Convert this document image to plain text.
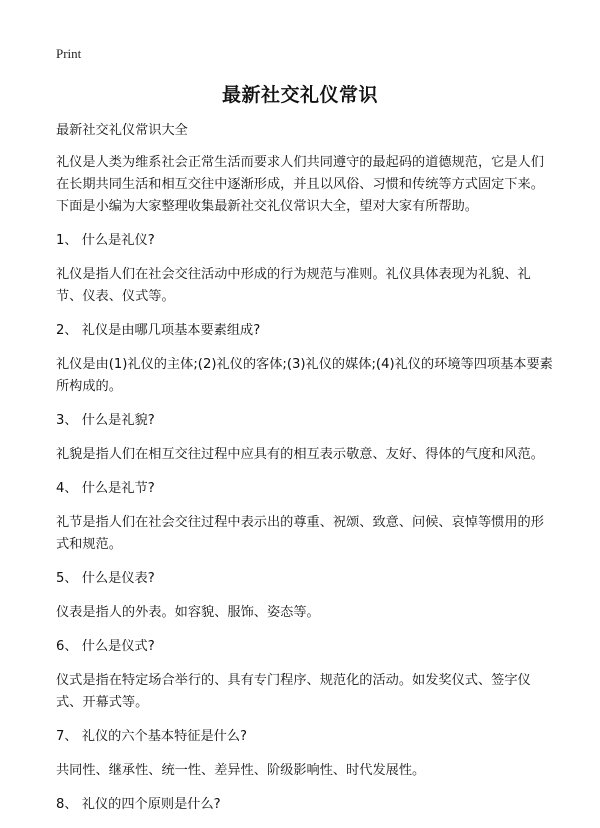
Print
最新社交礼仪常识

最新社交礼仪常识大全

礼仪是人类为维系社会正常生活而要求人们共同遵守的最起码的道德规范，它是人们在长期共同生活和相互交往中逐渐形成，并且以风俗、习惯和传统等方式固定下来。下面是小编为大家整理收集最新社交礼仪常识大全，望对大家有所帮助。

1、 什么是礼仪?

礼仪是指人们在社会交往活动中形成的行为规范与准则。礼仪具体表现为礼貌、礼节、仪表、仪式等。

2、 礼仪是由哪几项基本要素组成?

礼仪是由(1)礼仪的主体;(2)礼仪的客体;(3)礼仪的媒体;(4)礼仪的环境等四项基本要素所构成的。

3、 什么是礼貌?

礼貌是指人们在相互交往过程中应具有的相互表示敬意、友好、得体的气度和风范。

4、 什么是礼节?

礼节是指人们在社会交往过程中表示出的尊重、祝颂、致意、问候、哀悼等惯用的形式和规范。

5、 什么是仪表?

仪表是指人的外表。如容貌、服饰、姿态等。

6、 什么是仪式?

仪式是指在特定场合举行的、具有专门程序、规范化的活动。如发奖仪式、签字仪式、开幕式等。

7、 礼仪的六个基本特征是什么?

共同性、继承性、统一性、差异性、阶级影响性、时代发展性。

8、 礼仪的四个原则是什么?
